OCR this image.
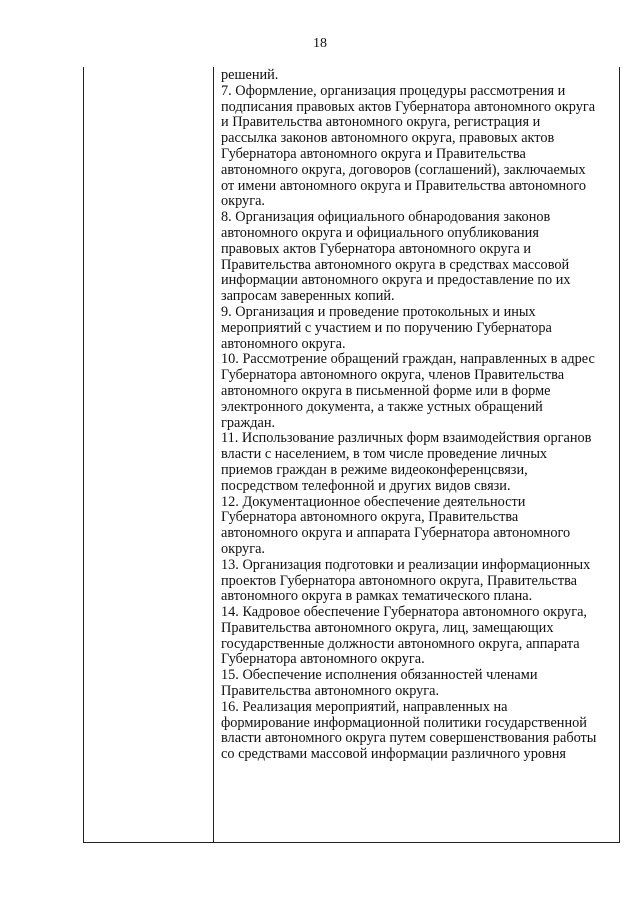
18
решений.
7. Оформление, организация процедуры рассмотрения и
подписания правовых актов Губернатора автономного округа
и Правительства автономного округа, регистрация и
рассылка законов автономного округа, правовых актов
Губернатора автономного округа и Правительства
автономного округа, договоров (соглашений), заключаемых
от имени автономного округа и Правительства автономного
округа.
8. Организация официального обнародования законов
автономного округа и официального опубликования
правовых актов Губернатора автономного округа и
Правительства автономного округа в средствах массовой
информации автономного округа и предоставление по их
запросам заверенных копий.
9. Организация и проведение протокольных и иных
мероприятий с участием и по поручению Губернатора
автономного округа.
10. Рассмотрение обращений граждан, направленных в адрес
Губернатора автономного округа, членов Правительства
автономного округа в письменной форме или в форме
электронного документа, а также устных обращений
граждан.
11. Использование различных форм взаимодействия органов
власти с населением, в том числе проведение личных
приемов граждан в режиме видеоконференцсвязи,
посредством телефонной и других видов связи.
12. Документационное обеспечение деятельности
Губернатора автономного округа, Правительства
автономного округа и аппарата Губернатора автономного
округа.
13. Организация подготовки и реализации информационных
проектов Губернатора автономного округа, Правительства
автономного округа в рамках тематического плана.
14. Кадровое обеспечение Губернатора автономного округа,
Правительства автономного округа, лиц, замещающих
государственные должности автономного округа, аппарата
Губернатора автономного округа.
15. Обеспечение исполнения обязанностей членами
Правительства автономного округа.
16. Реализация мероприятий, направленных на
формирование информационной политики государственной
власти автономного округа путем совершенствования работы
со средствами массовой информации различного уровня
